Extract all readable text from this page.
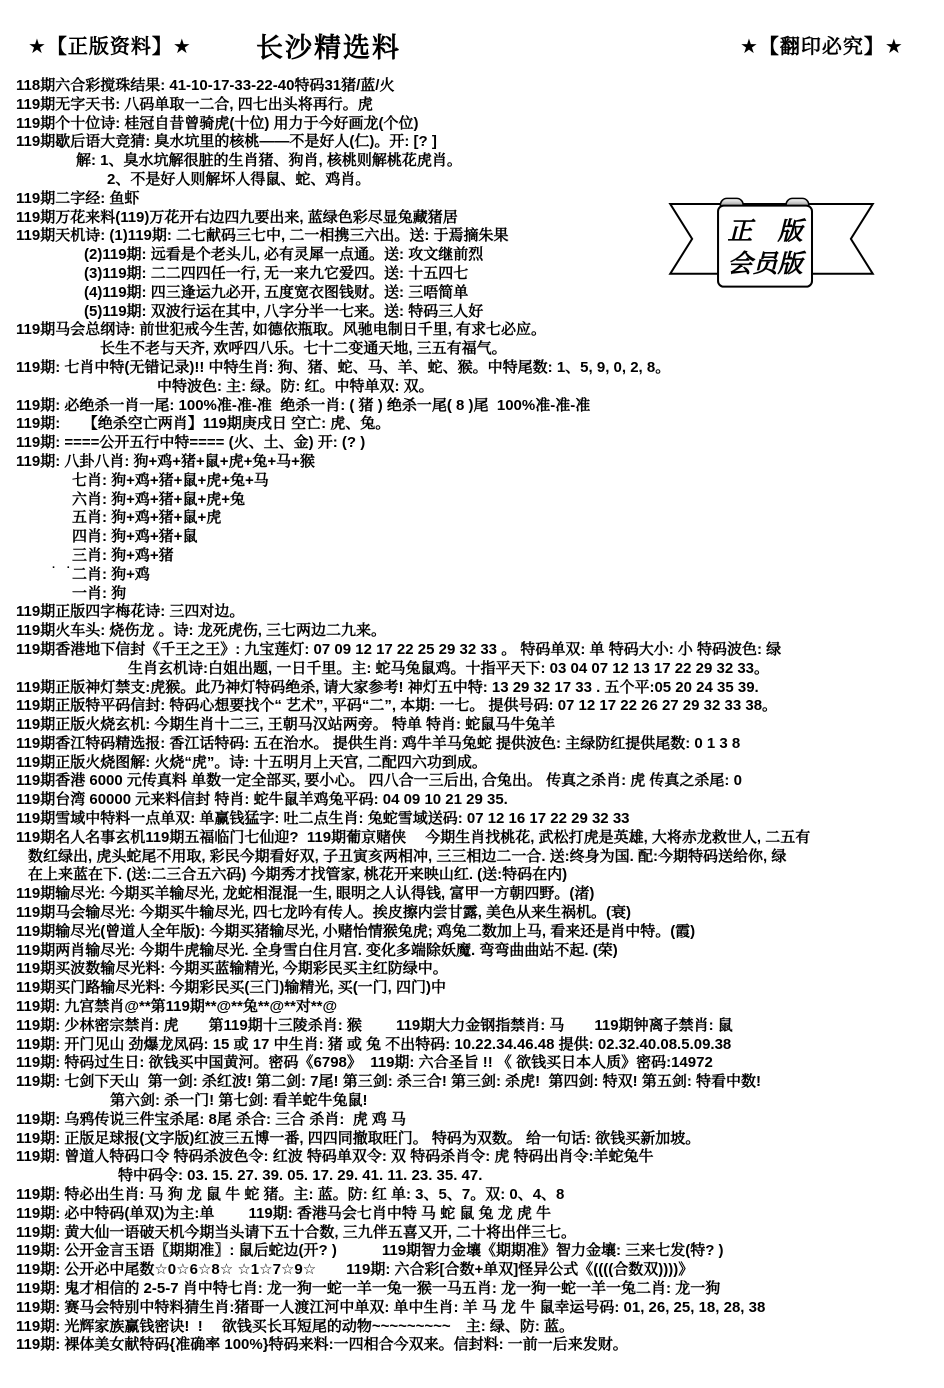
★【正版资料】★ 长沙精选料	★【翻印必究】★
118期六合彩搅珠结果: 41-10-17-33-22-40特码31猪/蓝/火
119期无字天书: 八码单取一二合, 四七出头将再行。虎
119期个十位诗: 桂冠自昔曾骑虎(十位) 用力于今好画龙(个位)
119期歇后语大竞猜: 臭水坑里的核桃——不是好人(仁)。开: [? ]
解: 1、臭水坑解很脏的生肖猪、狗肖, 核桃则解桃花虎肖。
2、不是好人则解坏人得鼠、蛇、鸡肖。
119期二字经: 鱼虾
119期万花来料(119)万花开右边四九要出来, 蓝绿色彩尽显兔藏猪居
119期天机诗: (1)119期: 二七献码三七中, 二一相携三六出。送: 于焉摘朱果
(2)119期: 远看是个老头儿, 必有灵犀一点通。送: 攻文继前烈
(3)119期: 二二四四任一行, 无一来九它爱四。送: 十五四七
(4)119期: 四三逢运九必开, 五度宽衣图钱财。送: 三唔简单
(5)119期: 双波行运在其中, 八字分半一七来。送: 特码三人好
119期马会总纲诗: 前世犯戒今生苦, 如德依瓶取。风驰电制日千里, 有求七必应。
长生不老与天齐, 欢呼四八乐。七十二变通天地, 三五有福气。
119期: 七肖中特(无错记录)!! 中特生肖: 狗、猪、蛇、马、羊、蛇、猴。中特尾数: 1、5, 9, 0, 2, 8。
中特波色: 主: 绿。防: 红。中特单双: 双。
119期: 必绝杀一肖一尾: 100%准-准-准  绝杀一肖: ( 猪 ) 绝杀一尾( 8 )尾  100%准-准-准
119期:　　【绝杀空亡两肖】119期庚戌日 空亡: 虎、兔。
119期: ====公开五行中特==== (火、土、金) 开: (? )
119期: 八卦八肖: 狗+鸡+猪+鼠+虎+兔+马+猴
七肖: 狗+鸡+猪+鼠+虎+兔+马
六肖: 狗+鸡+猪+鼠+虎+兔
五肖: 狗+鸡+猪+鼠+虎
四肖: 狗+鸡+猪+鼠
三肖: 狗+鸡+猪
二肖: 狗+鸡
一肖: 狗
119期正版四字梅花诗: 三四对边。
119期火车头: 烧伤龙 。诗: 龙死虎伤, 三七两边二九来。
119期香港地下信封《千王之王》: 九宝莲灯: 07 09 12 17 22 25 29 32 33 。 特码单双: 单 特码大小: 小 特码波色: 绿
生肖玄机诗:白姐出题, 一日千里。主: 蛇马兔鼠鸡。十指平天下: 03 04 07 12 13 17 22 29 32 33。
119期正版神灯禁支:虎猴。此乃神灯特码绝杀, 请大家参考! 神灯五中特: 13 29 32 17 33 . 五个平:05 20 24 35 39.
119期正版特平码信封: 特码心想要找个“ 艺术”, 平码“二”, 本期: 一七。 提供号码: 07 12 17 22 26 27 29 32 33 38。
119期正版火烧玄机: 今期生肖十二三, 王朝马汉站两旁。 特单 特肖: 蛇鼠马牛兔羊
119期香江特码精选报: 香江话特码: 五在治水。 提供生肖: 鸡牛羊马兔蛇 提供波色: 主绿防红提供尾数: 0 1 3 8
119期正版火烧图解: 火烧“虎”。诗: 十五明月上天宫, 二配四六功到成。
119期香港 6000 元传真料 单数一定全部买, 要小心。 四八合一三后出, 合兔出。 传真之杀肖: 虎 传真之杀尾: 0
119期台湾 60000 元来料信封 特肖: 蛇牛鼠羊鸡兔平码: 04 09 10 21 29 35.
119期雪域中特料一点单双: 单赢钱猛字: 吐二点生肖: 兔蛇雪域送码: 07 12 16 17 22 29 32 33
119期名人名事玄机119期五福临门七仙迎?  119期葡京赌侠　 今期生肖找桃花, 武松打虎是英雄, 大将赤龙救世人, 二五有
数红绿出, 虎头蛇尾不用取, 彩民今期看好双, 子丑寅亥两相冲, 三三相边二一合. 送:终身为国. 配:今期特码送给你, 绿
在上来蓝在下. (送:二三合五六码) 今期秀才找管家, 桃花开来映山红. (送:特码在内)
119期输尽光: 今期买羊输尽光, 龙蛇相混混一生, 眼明之人认得钱, 富甲一方朝四野。(渚)
119期马会输尽光: 今期买牛输尽光, 四七龙吟有传人。挨皮擦内尝甘露, 美色从来生祸机。(衰)
119期输尽光(曾道人全年版): 今期买猪输尽光, 小赌怡情猴兔虎; 鸡兔二数加上马, 看来还是肖中特。(霞)
119期两肖输尽光: 今期牛虎输尽光. 全身雪白住月宫. 变化多端除妖魔. 弯弯曲曲站不起. (荣)
119期买波数输尽光料: 今期买蓝输精光, 今期彩民买主红防绿中。
119期买门路输尽光料: 今期彩民买(三门)输精光, 买(一门, 四门)中
119期: 九宫禁肖@**第119期**@**兔**@**对**@
119期: 少林密宗禁肖: 虎　　第119期十三陵杀肖: 猴　　 119期大力金钢指禁肖: 马　　119期钟离子禁肖: 鼠
119期: 开门见山 劲爆龙凤码: 15 或 17 中生肖: 猪 或 兔 不出特码: 10.22.34.46.48 提供: 02.32.40.08.5.09.38
119期: 特码过生日: 欲钱买中国黄河。密码《6798》  119期: 六合圣旨 !! 《 欲钱买日本人质》密码:14972
119期: 七剑下天山  第一剑: 杀红波! 第二剑: 7尾! 第三剑: 杀三合! 第三剑: 杀虎!  第四剑: 特双! 第五剑: 特看中数!
第六剑: 杀一门! 第七剑: 看羊蛇牛兔鼠!
119期: 乌鸦传说三件宝杀尾: 8尾 杀合: 三合 杀肖:  虎 鸡 马
119期: 正版足球报(文字版)红波三五博一番, 四四同撤取旺门。 特码为双数。 给一句话: 欲钱买新加坡。
119期: 曾道人特码口令 特码杀波色令: 红波 特码单双令: 双 特码杀肖令: 虎 特码出肖令:羊蛇兔牛
特中码令: 03. 15. 27. 39. 05. 17. 29. 41. 11. 23. 35. 47.
119期: 特必出生肖: 马 狗 龙 鼠 牛 蛇 猪。主: 蓝。防: 红 单: 3、5、7。双: 0、4、8
119期: 必中特码(单双)为主:单　　 119期: 香港马会七肖中特 马 蛇 鼠 兔 龙 虎 牛
119期: 黄大仙一语破天机今期当头请下五十合数, 三九伴五喜又开, 二十将出伴三七。
119期: 公开金言玉语〖期期准〗: 鼠后蛇边(开? )　　　119期智力金壤《期期准》智力金壤: 三来七发(特? )
119期: 公开必中尾数☆0☆6☆8☆ ☆1☆7☆9☆　　119期: 六合彩[合数+单双]怪异公式《((((合数双))))》
119期: 鬼才相信的 2-5-7 肖中特七肖: 龙一狗一蛇一羊一兔一猴一马五肖: 龙一狗一蛇一羊一兔二肖: 龙一狗
119期: 赛马会特别中特料猜生肖:猪哥一人渡江河中单双: 单中生肖: 羊 马 龙 牛 鼠幸运号码: 01, 26, 25, 18, 28, 38
119期: 光辉家族赢钱密诀!  !　 欲钱买长耳短尾的动物~~~~~~~~~　主: 绿、防: 蓝。
119期: 裸体美女献特码{准确率 100%}特码来料:一四相合今双来。信封料: 一前一后来发财。
· ·
正　版
会员版
